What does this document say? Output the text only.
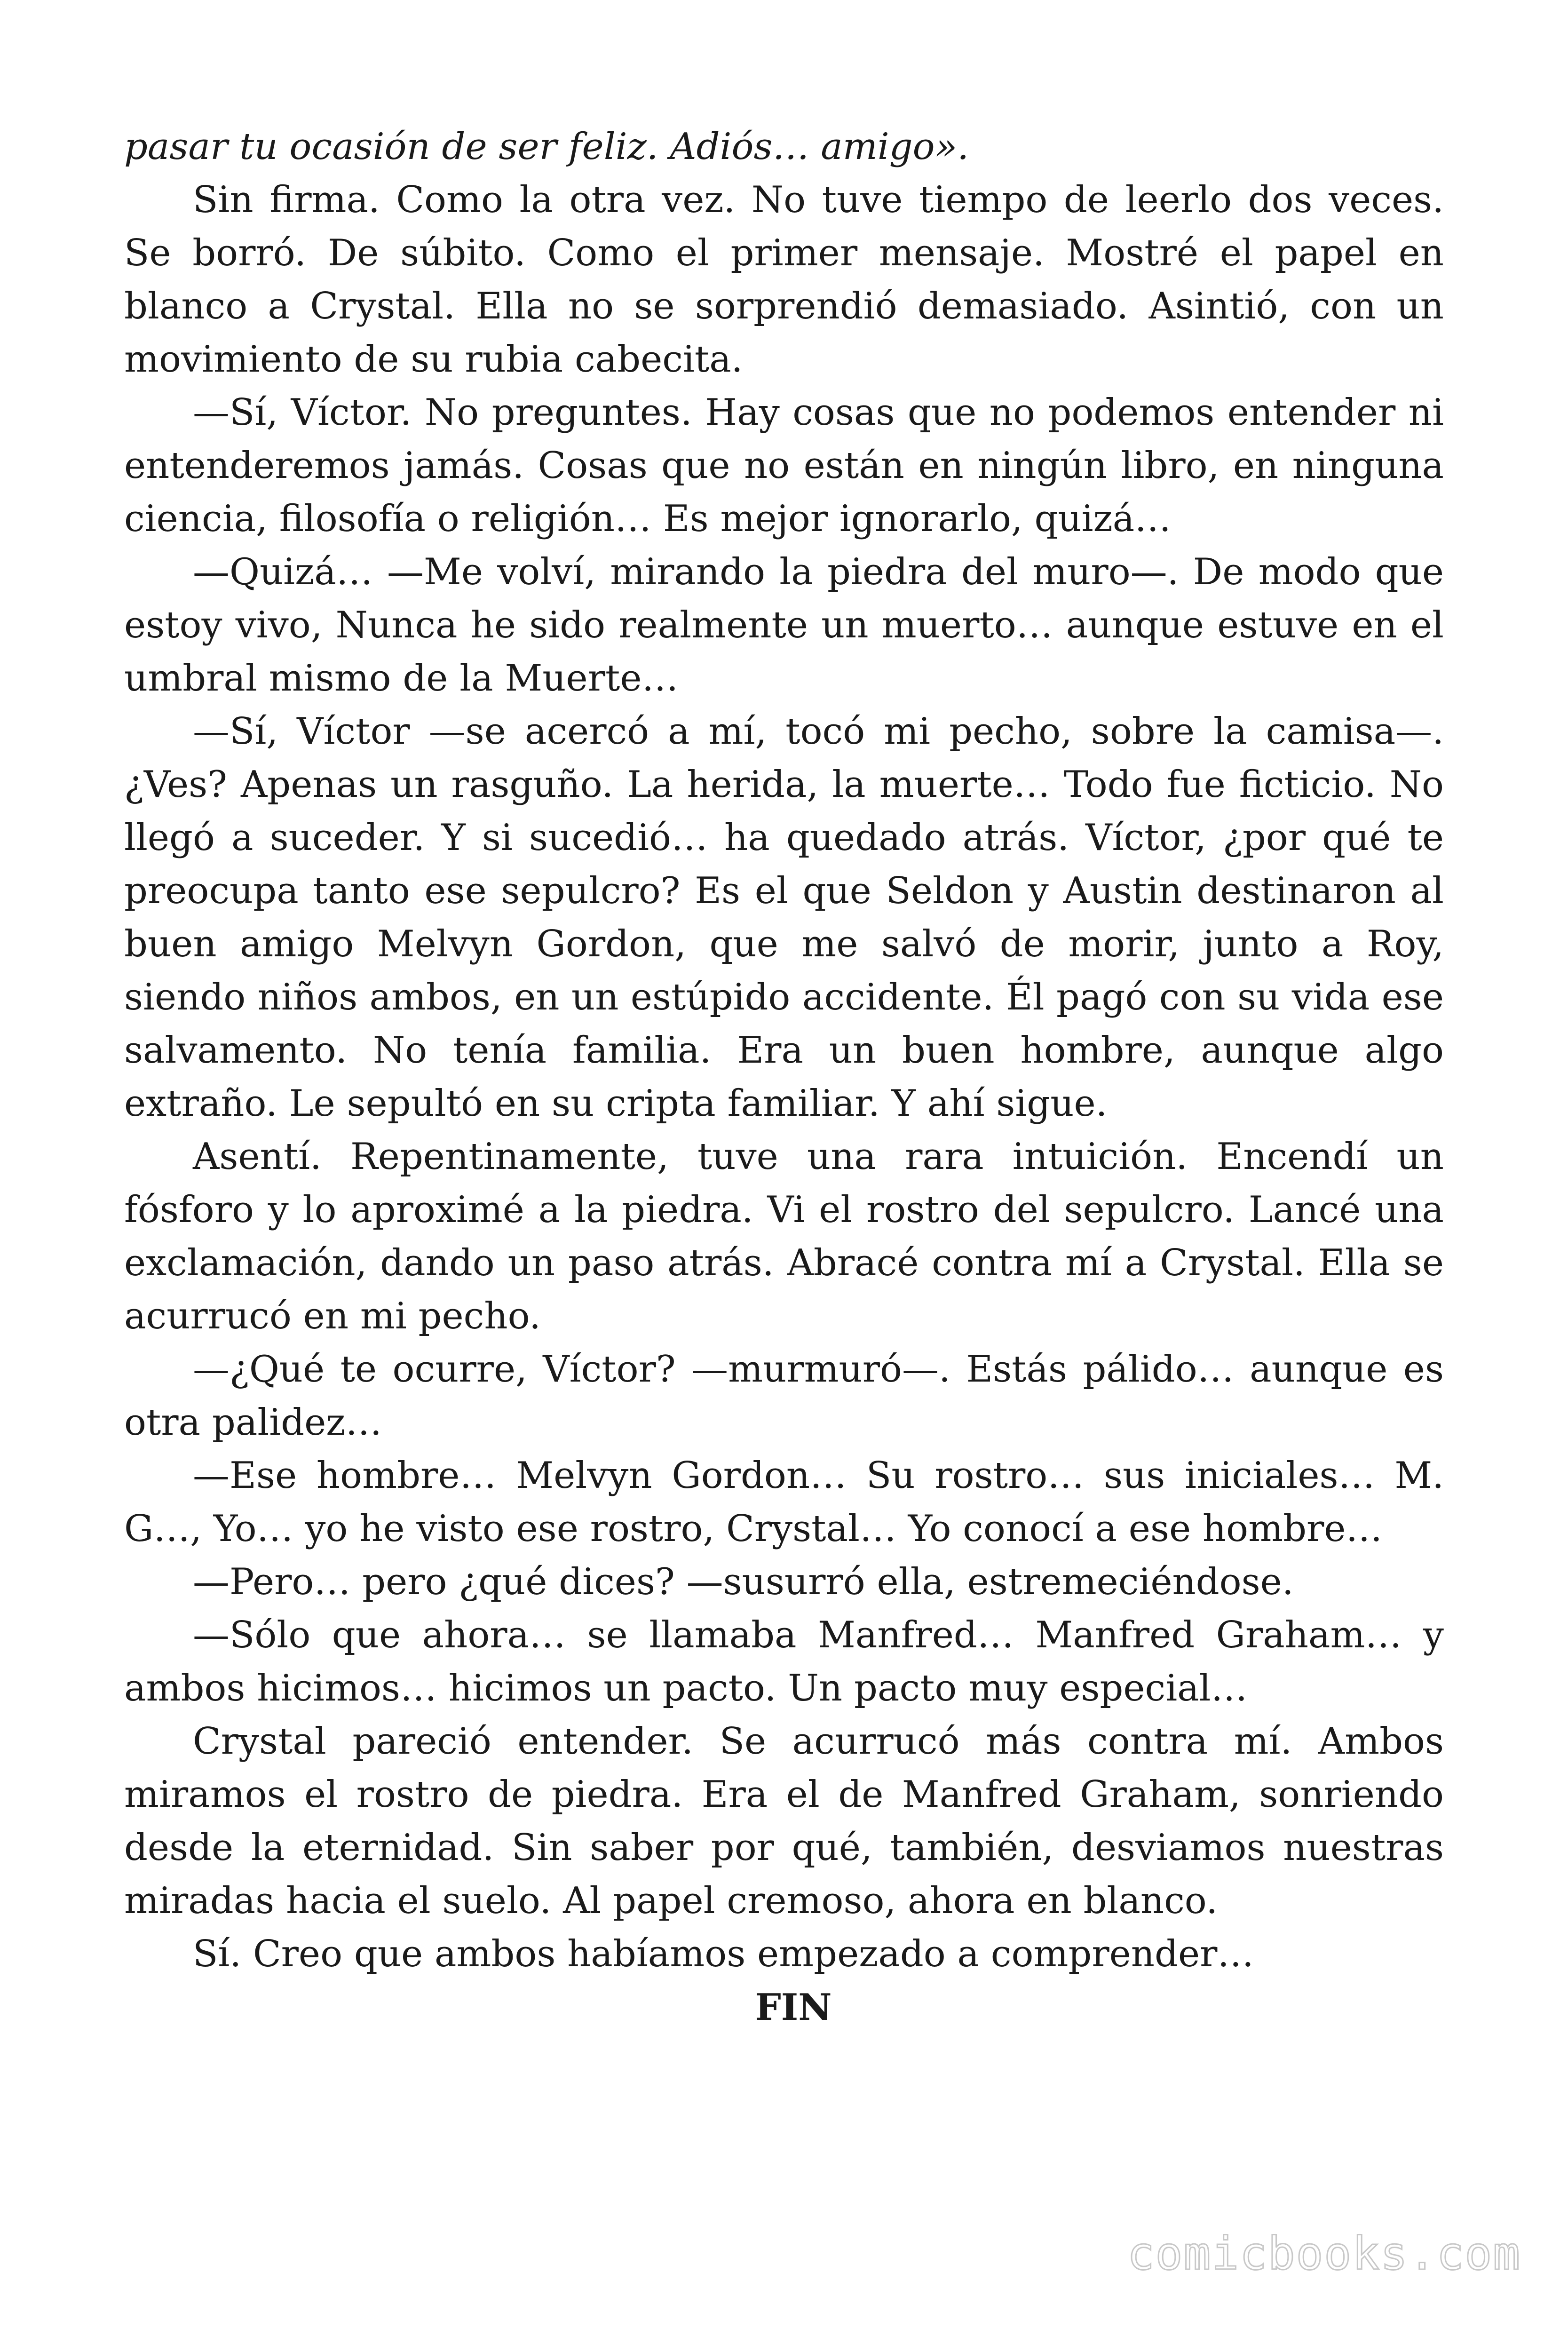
pasar tu ocasión de ser feliz. Adiós… amigo».

Sin firma. Como la otra vez. No tuve tiempo de leerlo dos veces. Se borró. De súbito. Como el primer mensaje. Mostré el papel en blanco a Crystal. Ella no se sorprendió demasiado. Asintió, con un movimiento de su rubia cabecita.

—Sí, Víctor. No preguntes. Hay cosas que no podemos entender ni entenderemos jamás. Cosas que no están en ningún libro, en ninguna ciencia, filosofía o religión… Es mejor ignorarlo, quizá…

—Quizá… —Me volví, mirando la piedra del muro—. De modo que estoy vivo, Nunca he sido realmente un muerto… aunque estuve en el umbral mismo de la Muerte…

—Sí, Víctor —se acercó a mí, tocó mi pecho, sobre la camisa—. ¿Ves? Apenas un rasguño. La herida, la muerte… Todo fue ficticio. No llegó a suceder. Y si sucedió… ha quedado atrás. Víctor, ¿por qué te preocupa tanto ese sepulcro? Es el que Seldon y Austin destinaron al buen amigo Melvyn Gordon, que me salvó de morir, junto a Roy, siendo niños ambos, en un estúpido accidente. Él pagó con su vida ese salvamento. No tenía familia. Era un buen hombre, aunque algo extraño. Le sepultó en su cripta familiar. Y ahí sigue.

Asentí. Repentinamente, tuve una rara intuición. Encendí un fósforo y lo aproximé a la piedra. Vi el rostro del sepulcro. Lancé una exclamación, dando un paso atrás. Abracé contra mí a Crystal. Ella se acurrucó en mi pecho.

—¿Qué te ocurre, Víctor? —murmuró—. Estás pálido… aunque es otra palidez…

—Ese hombre… Melvyn Gordon… Su rostro… sus iniciales… M. G…, Yo… yo he visto ese rostro, Crystal… Yo conocí a ese hombre…

—Pero… pero ¿qué dices? —susurró ella, estremeciéndose.

—Sólo que ahora… se llamaba Manfred… Manfred Graham… y ambos hicimos… hicimos un pacto. Un pacto muy especial…

Crystal pareció entender. Se acurrucó más contra mí. Ambos miramos el rostro de piedra. Era el de Manfred Graham, sonriendo desde la eternidad. Sin saber por qué, también, desviamos nuestras miradas hacia el suelo. Al papel cremoso, ahora en blanco.

Sí. Creo que ambos habíamos empezado a comprender…

FIN

comicbooks.com
